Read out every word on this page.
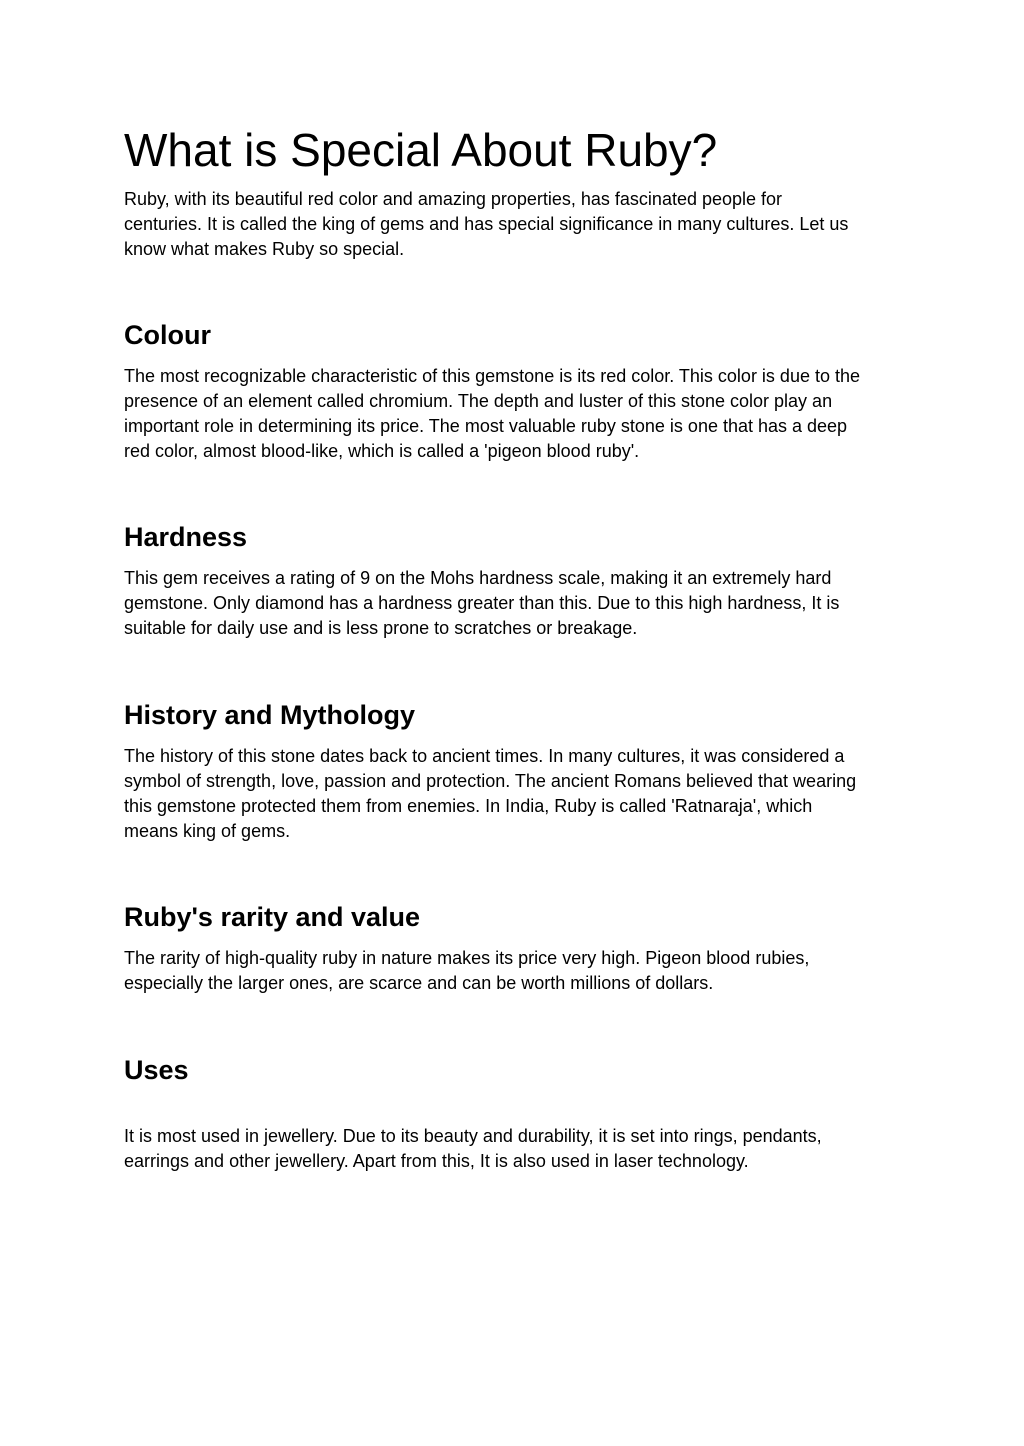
What is Special About Ruby?

Ruby, with its beautiful red color and amazing properties, has fascinated people for
centuries. It is called the king of gems and has special significance in many cultures. Let us
know what makes Ruby so special.

Colour

The most recognizable characteristic of this gemstone is its red color. This color is due to the
presence of an element called chromium. The depth and luster of this stone color play an
important role in determining its price. The most valuable ruby stone is one that has a deep
red color, almost blood-like, which is called a 'pigeon blood ruby'.

Hardness

This gem receives a rating of 9 on the Mohs hardness scale, making it an extremely hard
gemstone. Only diamond has a hardness greater than this. Due to this high hardness, It is
suitable for daily use and is less prone to scratches or breakage.

History and Mythology

The history of this stone dates back to ancient times. In many cultures, it was considered a
symbol of strength, love, passion and protection. The ancient Romans believed that wearing
this gemstone protected them from enemies. In India, Ruby is called 'Ratnaraja', which
means king of gems.

Ruby's rarity and value

The rarity of high-quality ruby in nature makes its price very high. Pigeon blood rubies,
especially the larger ones, are scarce and can be worth millions of dollars.

Uses

It is most used in jewellery. Due to its beauty and durability, it is set into rings, pendants,
earrings and other jewellery. Apart from this, It is also used in laser technology.
